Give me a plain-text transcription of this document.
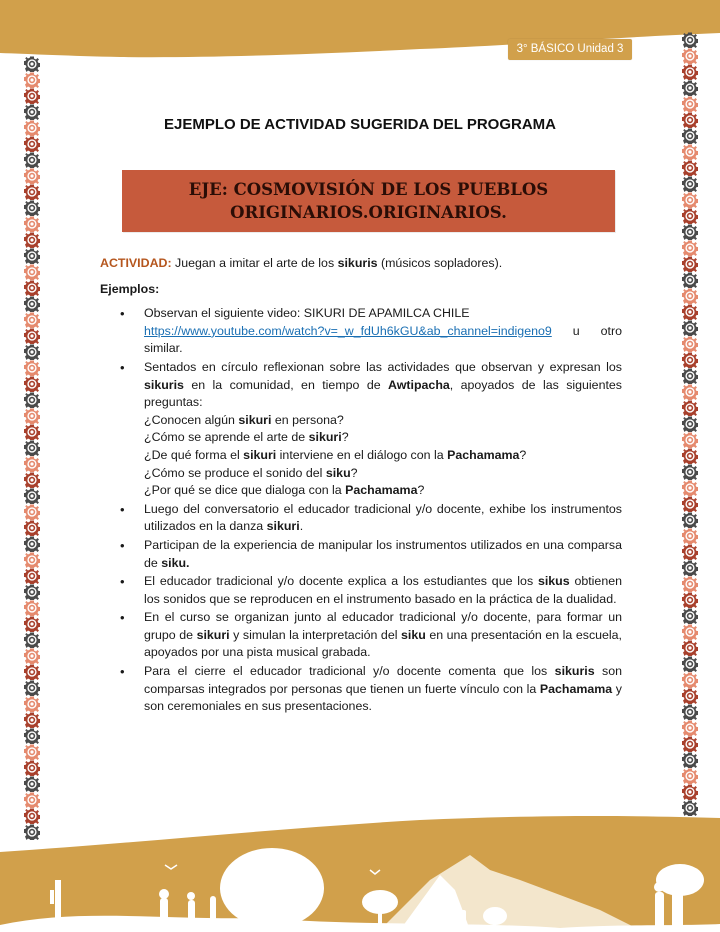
3° BÁSICO Unidad 3
EJEMPLO DE ACTIVIDAD SUGERIDA DEL PROGRAMA
EJE: COSMOVISIÓN DE LOS PUEBLOS
ORIGINARIOS.ORIGINARIOS.

ACTIVIDAD: Juegan a imitar el arte de los sikuris (músicos sopladores).

Ejemplos:

• Observan el siguiente video: SIKURI DE APAMILCA CHILE
https://www.youtube.com/watch?v=_w_fdUh6kGU&ab_channel=indigeno9 u otro similar.
• Sentados en círculo reflexionan sobre las actividades que observan y expresan los sikuris en la comunidad, en tiempo de Awtipacha, apoyados de las siguientes preguntas:
¿Conocen algún sikuri en persona?
¿Cómo se aprende el arte de sikuri?
¿De qué forma el sikuri interviene en el diálogo con la Pachamama?
¿Cómo se produce el sonido del siku?
¿Por qué se dice que dialoga con la Pachamama?
• Luego del conversatorio el educador tradicional y/o docente, exhibe los instrumentos utilizados en la danza sikuri.
• Participan de la experiencia de manipular los instrumentos utilizados en una comparsa de siku.
• El educador tradicional y/o docente explica a los estudiantes que los sikus obtienen los sonidos que se reproducen en el instrumento basado en la práctica de la dualidad.
• En el curso se organizan junto al educador tradicional y/o docente, para formar un grupo de sikuri y simulan la interpretación del siku en una presentación en la escuela, apoyados por una pista musical grabada.
• Para el cierre el educador tradicional y/o docente comenta que los sikuris son comparsas integrados por personas que tienen un fuerte vínculo con la Pachamama y son ceremoniales en sus presentaciones.
